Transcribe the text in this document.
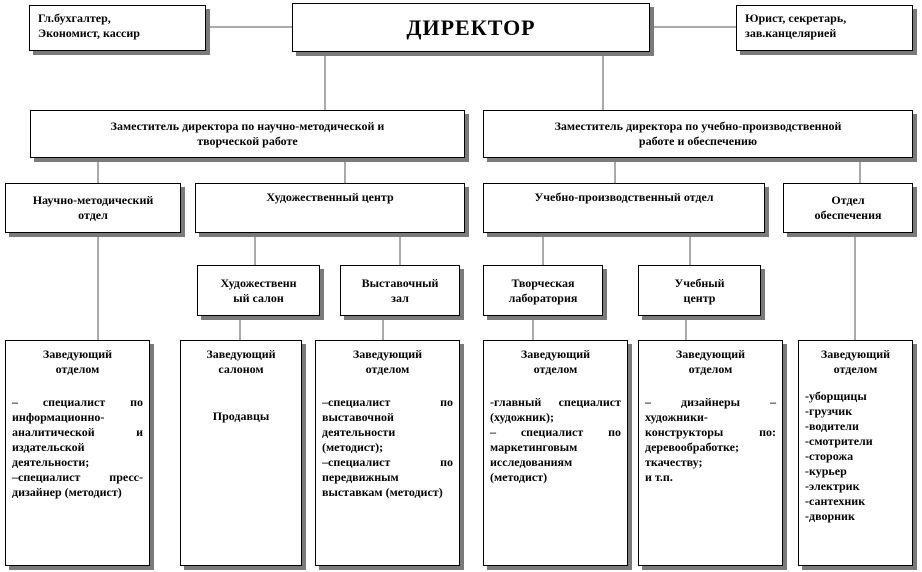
Гл.бухгалтер,
Экономист, кассир	ДИРЕКТОР	Юрист, секретарь,
зав.канцелярией
Заместитель директора по научно-методической и
творческой работе
Заместитель директора по учебно-производственной
работе и обеспечению
Научно-методический
отдел
Художественный центр	Учебно-производственный отдел	Отдел
обеспечения
Художественн
ый салон
Выставочный
зал
Творческая
лаборатория
Учебный
центр
Заведующий
отделом
– специалист по информационно-аналитической и издательской деятельности;
–специалист пресс-дизайнер (методист)
Заведующий
салоном
Продавцы
Заведующий
отделом
–специалист по выставочной деятельности (методист);
–специалист по передвижным выставкам (методист)
Заведующий
отделом
-главный специалист (художник);
– специалист по маркетинговым исследованиям (методист)
Заведующий
отделом
– дизайнеры – художники-конструкторы по: деревообработке; ткачеству;
и т.п.
Заведующий
отделом
-уборщицы
-грузчик
-водители
-смотрители
-сторожа
-курьер
-электрик
-сантехник
-дворник
